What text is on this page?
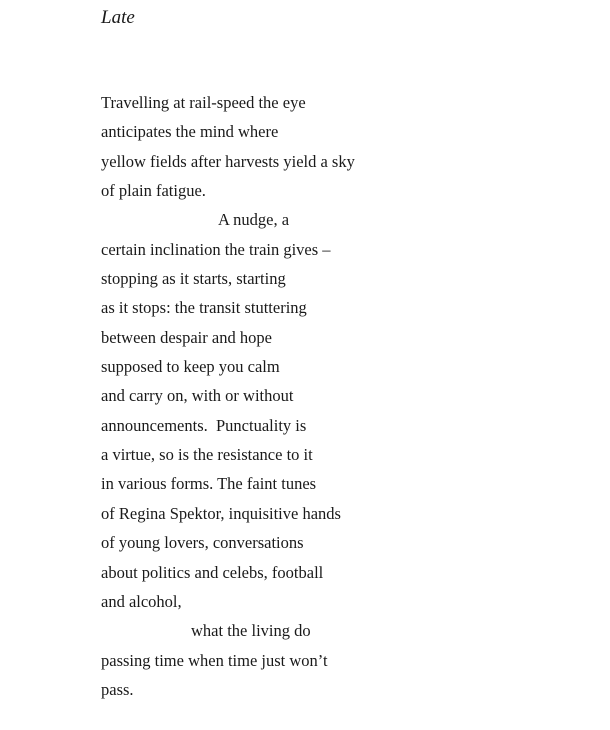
Late
Travelling at rail-speed the eye
anticipates the mind where
yellow fields after harvests yield a sky
of plain fatigue.
A nudge, a
certain inclination the train gives –
stopping as it starts, starting
as it stops: the transit stuttering
between despair and hope
supposed to keep you calm
and carry on, with or without
announcements.  Punctuality is
a virtue, so is the resistance to it
in various forms. The faint tunes
of Regina Spektor, inquisitive hands
of young lovers, conversations
about politics and celebs, football
and alcohol,
what the living do
passing time when time just won’t
pass.
